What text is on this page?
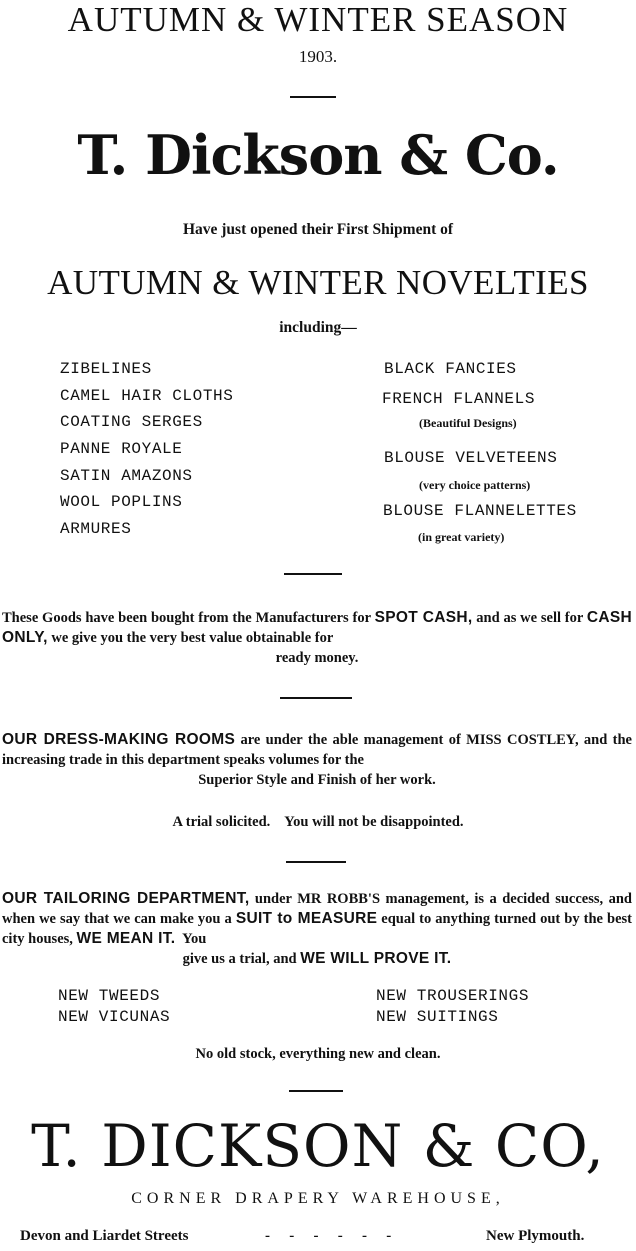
AUTUMN & WINTER SEASON
1903.
T. Dickson & Co.
Have just opened their First Shipment of
AUTUMN & WINTER NOVELTIES
including—
ZIBELINES
CAMEL HAIR CLOTHS
COATING SERGES
PANNE ROYALE
SATIN AMAZONS
WOOL POPLINS
ARMURES
BLACK FANCIES
FRENCH FLANNELS
(Beautiful Designs)
BLOUSE VELVETEENS
(very choice patterns)
BLOUSE FLANNELETTES
(in great variety)
These Goods have been bought from the Manufacturers for SPOT CASH, and as we sell for CASH ONLY, we give you the very best value obtainable for
ready money.
OUR DRESS-MAKING ROOMS are under the able management of MISS COSTLEY, and the increasing trade in this department speaks volumes for the
Superior Style and Finish of her work.
A trial solicited.    You will not be disappointed.
OUR TAILORING DEPARTMENT, under MR ROBB'S management, is a decided success, and when we say that we can make you a SUIT to MEASURE equal to anything turned out by the best city houses, WE MEAN IT.  You
give us a trial, and WE WILL PROVE IT.
NEW TWEEDS
NEW VICUNAS
NEW TROUSERINGS
NEW SUITINGS
No old stock, everything new and clean.
T. DICKSON & CO,
CORNER DRAPERY WAREHOUSE,
Devon and Liardet Streets	-   -   -   -   -   -	New Plymouth.
